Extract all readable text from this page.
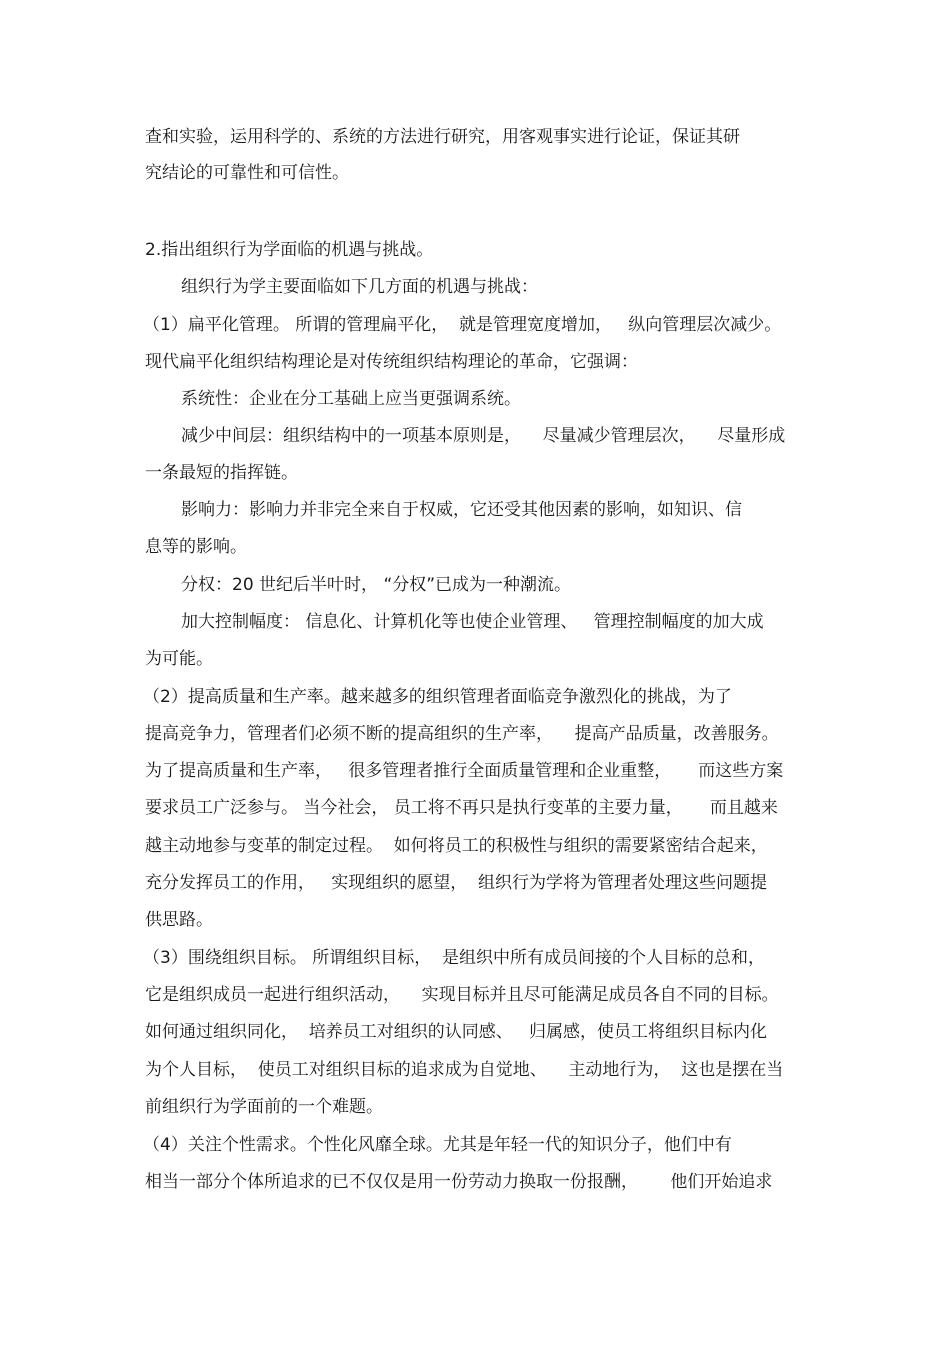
查和实验，运用科学的、系统的方法进行研究，用客观事实进行论证，保证其研
究结论的可靠性和可信性。
2.指出组织行为学面临的机遇与挑战。
组织行为学主要面临如下几方面的机遇与挑战：
（1）扁平化管理。 所谓的管理扁平化，  就是管理宽度增加，   纵向管理层次减少。
现代扁平化组织结构理论是对传统组织结构理论的革命，它强调：
系统性：企业在分工基础上应当更强调系统。
减少中间层：组织结构中的一项基本原则是，    尽量减少管理层次，    尽量形成
一条最短的指挥链。
影响力：影响力并非完全来自于权威，它还受其他因素的影响，如知识、信
息等的影响。
分权：20 世纪后半叶时， “分权”已成为一种潮流。
加大控制幅度： 信息化、计算机化等也使企业管理、   管理控制幅度的加大成
为可能。
（2）提高质量和生产率。越来越多的组织管理者面临竞争激烈化的挑战，为了
提高竞争力，管理者们必须不断的提高组织的生产率，    提高产品质量，改善服务。
为了提高质量和生产率，   很多管理者推行全面质量管理和企业重整，     而这些方案
要求员工广泛参与。 当今社会， 员工将不再只是执行变革的主要力量，     而且越来
越主动地参与变革的制定过程。  如何将员工的积极性与组织的需要紧密结合起来，
充分发挥员工的作用，   实现组织的愿望，  组织行为学将为管理者处理这些问题提
供思路。
（3）围绕组织目标。 所谓组织目标，  是组织中所有成员间接的个人目标的总和，
它是组织成员一起进行组织活动，    实现目标并且尽可能满足成员各自不同的目标。
如何通过组织同化，  培养员工对组织的认同感、   归属感，使员工将组织目标内化
为个人目标，  使员工对组织目标的追求成为自觉地、    主动地行为，  这也是摆在当
前组织行为学面前的一个难题。
（4）关注个性需求。个性化风靡全球。尤其是年轻一代的知识分子，他们中有
相当一部分个体所追求的已不仅仅是用一份劳动力换取一份报酬，      他们开始追求
